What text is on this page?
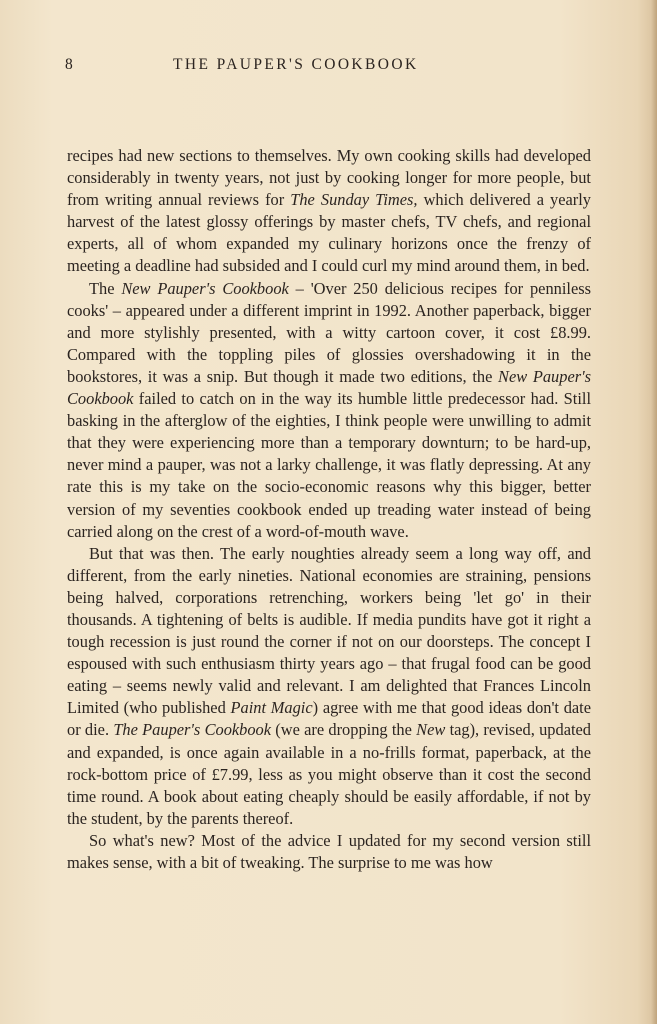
8	THE PAUPER'S COOKBOOK

recipes had new sections to themselves. My own cooking skills had developed considerably in twenty years, not just by cooking longer for more people, but from writing annual reviews for The Sunday Times, which delivered a yearly harvest of the latest glossy offerings by master chefs, TV chefs, and regional experts, all of whom expanded my culinary horizons once the frenzy of meeting a deadline had subsided and I could curl my mind around them, in bed.

The New Pauper's Cookbook – 'Over 250 delicious recipes for penniless cooks' – appeared under a different imprint in 1992. Another paperback, bigger and more stylishly presented, with a witty cartoon cover, it cost £8.99. Compared with the toppling piles of glossies overshadowing it in the bookstores, it was a snip. But though it made two editions, the New Pauper's Cookbook failed to catch on in the way its humble little predecessor had. Still basking in the afterglow of the eighties, I think people were unwilling to admit that they were experiencing more than a temporary downturn; to be hard-up, never mind a pauper, was not a larky challenge, it was flatly depressing. At any rate this is my take on the socio-economic reasons why this bigger, better version of my seventies cookbook ended up treading water instead of being carried along on the crest of a word-of-mouth wave.

But that was then. The early noughties already seem a long way off, and different, from the early nineties. National economies are straining, pensions being halved, corporations retrenching, workers being 'let go' in their thousands. A tightening of belts is audible. If media pundits have got it right a tough recession is just round the corner if not on our doorsteps. The concept I espoused with such enthusiasm thirty years ago – that frugal food can be good eating – seems newly valid and relevant. I am delighted that Frances Lincoln Limited (who published Paint Magic) agree with me that good ideas don't date or die. The Pauper's Cookbook (we are dropping the New tag), revised, updated and expanded, is once again available in a no-frills format, paperback, at the rock-bottom price of £7.99, less as you might observe than it cost the second time round. A book about eating cheaply should be easily affordable, if not by the student, by the parents thereof.

So what's new? Most of the advice I updated for my second version still makes sense, with a bit of tweaking. The surprise to me was how
